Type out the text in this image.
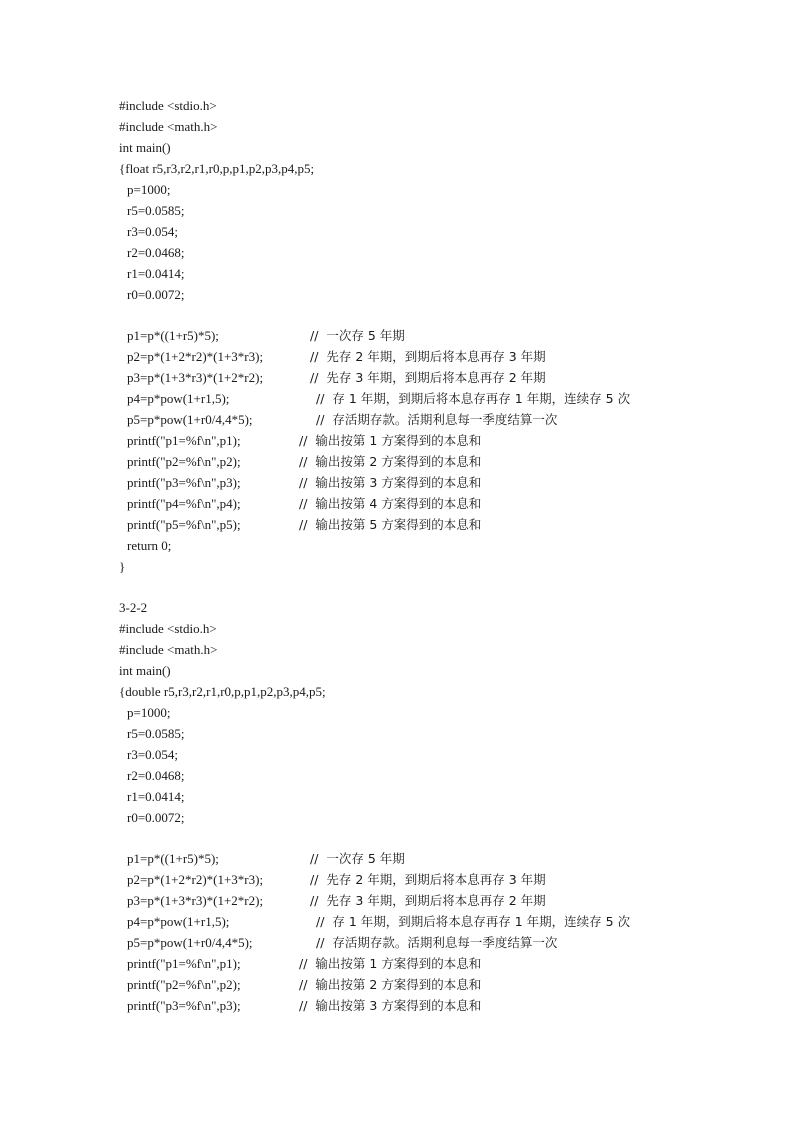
#include <stdio.h>
#include <math.h>
int main()
{float r5,r3,r2,r1,r0,p,p1,p2,p3,p4,p5;
p=1000;
r5=0.0585;
r3=0.054;
r2=0.0468;
r1=0.0414;
r0=0.0072;
p1=p*((1+r5)*5);	//  一次存 5 年期
p2=p*(1+2*r2)*(1+3*r3);	//  先存 2 年期，到期后将本息再存 3 年期
p3=p*(1+3*r3)*(1+2*r2);	//  先存 3 年期，到期后将本息再存 2 年期
p4=p*pow(1+r1,5);	//  存 1 年期，到期后将本息存再存 1 年期，连续存 5 次
p5=p*pow(1+r0/4,4*5);	//  存活期存款。活期利息每一季度结算一次
printf("p1=%f\n",p1);	//  输出按第 1 方案得到的本息和
printf("p2=%f\n",p2);	//  输出按第 2 方案得到的本息和
printf("p3=%f\n",p3);	//  输出按第 3 方案得到的本息和
printf("p4=%f\n",p4);	//  输出按第 4 方案得到的本息和
printf("p5=%f\n",p5);	//  输出按第 5 方案得到的本息和
return 0;
}
3-2-2
#include <stdio.h>
#include <math.h>
int main()
{double r5,r3,r2,r1,r0,p,p1,p2,p3,p4,p5;
p=1000;
r5=0.0585;
r3=0.054;
r2=0.0468;
r1=0.0414;
r0=0.0072;
p1=p*((1+r5)*5);	//  一次存 5 年期
p2=p*(1+2*r2)*(1+3*r3);	//  先存 2 年期，到期后将本息再存 3 年期
p3=p*(1+3*r3)*(1+2*r2);	//  先存 3 年期，到期后将本息再存 2 年期
p4=p*pow(1+r1,5);	//  存 1 年期，到期后将本息存再存 1 年期，连续存 5 次
p5=p*pow(1+r0/4,4*5);	//  存活期存款。活期利息每一季度结算一次
printf("p1=%f\n",p1);	//  输出按第 1 方案得到的本息和
printf("p2=%f\n",p2);	//  输出按第 2 方案得到的本息和
printf("p3=%f\n",p3);	//  输出按第 3 方案得到的本息和
